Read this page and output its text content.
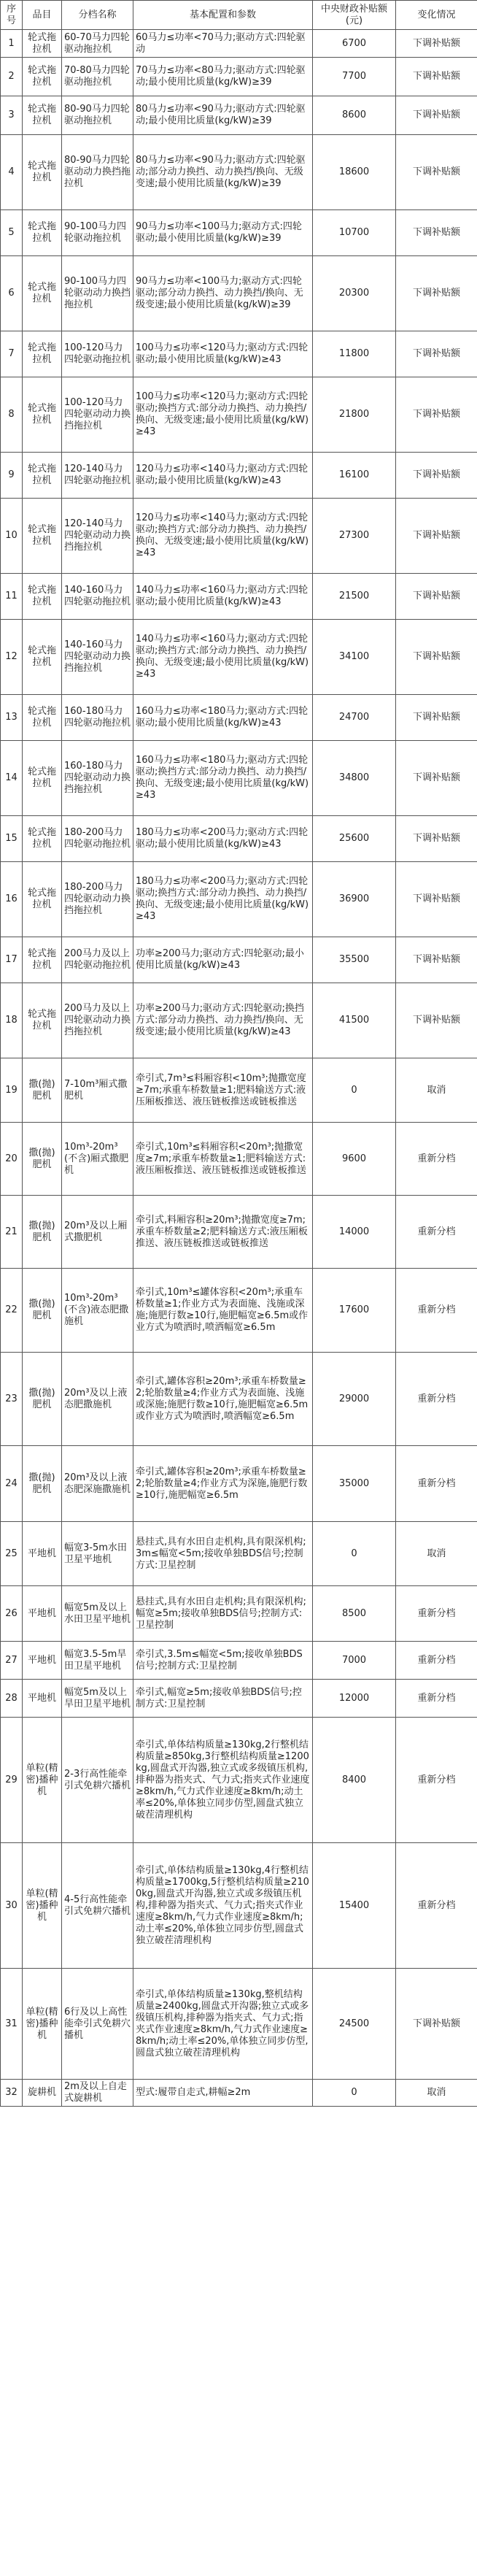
序号	品目	分档名称	基本配置和参数	中央财政补贴额(元)	变化情况
1	轮式拖拉机	60-70马力四轮驱动拖拉机	60马力≤功率<70马力;驱动方式:四轮驱动	6700	下调补贴额
2	轮式拖拉机	70-80马力四轮驱动拖拉机	70马力≤功率<80马力;驱动方式:四轮驱动;最小使用比质量(kg/kW)≥39	7700	下调补贴额
3	轮式拖拉机	80-90马力四轮驱动拖拉机	80马力≤功率<90马力;驱动方式:四轮驱动;最小使用比质量(kg/kW)≥39	8600	下调补贴额
4	轮式拖拉机	80-90马力四轮驱动动力换挡拖拉机	80马力≤功率<90马力;驱动方式:四轮驱动;部分动力换挡、动力换挡/换向、无级变速;最小使用比质量(kg/kW)≥39	18600	下调补贴额
5	轮式拖拉机	90-100马力四轮驱动拖拉机	90马力≤功率<100马力;驱动方式:四轮驱动;最小使用比质量(kg/kW)≥39	10700	下调补贴额
6	轮式拖拉机	90-100马力四轮驱动动力换挡拖拉机	90马力≤功率<100马力;驱动方式:四轮驱动;部分动力换挡、动力换挡/换向、无级变速;最小使用比质量(kg/kW)≥39	20300	下调补贴额
7	轮式拖拉机	100-120马力四轮驱动拖拉机	100马力≤功率<120马力;驱动方式:四轮驱动;最小使用比质量(kg/kW)≥43	11800	下调补贴额
8	轮式拖拉机	100-120马力四轮驱动动力换挡拖拉机	100马力≤功率<120马力;驱动方式:四轮驱动;换挡方式:部分动力换挡、动力换挡/换向、无级变速;最小使用比质量(kg/kW)≥43	21800	下调补贴额
9	轮式拖拉机	120-140马力四轮驱动拖拉机	120马力≤功率<140马力;驱动方式:四轮驱动;最小使用比质量(kg/kW)≥43	16100	下调补贴额
10	轮式拖拉机	120-140马力四轮驱动动力换挡拖拉机	120马力≤功率<140马力;驱动方式:四轮驱动;换挡方式:部分动力换挡、动力换挡/换向、无级变速;最小使用比质量(kg/kW)≥43	27300	下调补贴额
11	轮式拖拉机	140-160马力四轮驱动拖拉机	140马力≤功率<160马力;驱动方式:四轮驱动;最小使用比质量(kg/kW)≥43	21500	下调补贴额
12	轮式拖拉机	140-160马力四轮驱动动力换挡拖拉机	140马力≤功率<160马力;驱动方式:四轮驱动;换挡方式:部分动力换挡、动力换挡/换向、无级变速;最小使用比质量(kg/kW)≥43	34100	下调补贴额
13	轮式拖拉机	160-180马力四轮驱动拖拉机	160马力≤功率<180马力;驱动方式:四轮驱动;最小使用比质量(kg/kW)≥43	24700	下调补贴额
14	轮式拖拉机	160-180马力四轮驱动动力换挡拖拉机	160马力≤功率<180马力;驱动方式:四轮驱动;换挡方式:部分动力换挡、动力换挡/换向、无级变速;最小使用比质量(kg/kW)≥43	34800	下调补贴额
15	轮式拖拉机	180-200马力四轮驱动拖拉机	180马力≤功率<200马力;驱动方式:四轮驱动;最小使用比质量(kg/kW)≥43	25600	下调补贴额
16	轮式拖拉机	180-200马力四轮驱动动力换挡拖拉机	180马力≤功率<200马力;驱动方式:四轮驱动;换挡方式:部分动力换挡、动力换挡/换向、无级变速;最小使用比质量(kg/kW)≥43	36900	下调补贴额
17	轮式拖拉机	200马力及以上四轮驱动拖拉机	功率≥200马力;驱动方式:四轮驱动;最小使用比质量(kg/kW)≥43	35500	下调补贴额
18	轮式拖拉机	200马力及以上四轮驱动动力换挡拖拉机	功率≥200马力;驱动方式:四轮驱动;换挡方式:部分动力换挡、动力换挡/换向、无级变速;最小使用比质量(kg/kW)≥43	41500	下调补贴额
19	撒(抛)肥机	7-10m³厢式撒肥机	牵引式,7m³≤料厢容积<10m³;抛撒宽度≥7m;承重车桥数量≥1;肥料输送方式:液压厢板推送、液压链板推送或链板推送	0	取消
20	撒(抛)肥机	10m³-20m³(不含)厢式撒肥机	牵引式,10m³≤料厢容积<20m³;抛撒宽度≥7m;承重车桥数量≥1;肥料输送方式:液压厢板推送、液压链板推送或链板推送	9600	重新分档
21	撒(抛)肥机	20m³及以上厢式撒肥机	牵引式,料厢容积≥20m³;抛撒宽度≥7m;承重车桥数量≥2;肥料输送方式:液压厢板推送、液压链板推送或链板推送	14000	重新分档
22	撒(抛)肥机	10m³-20m³(不含)液态肥撒施机	牵引式,10m³≤罐体容积<20m³;承重车桥数量≥1;作业方式为表面施、浅施或深施;施肥行数≥10行,施肥幅宽≥6.5m或作业方式为喷洒时,喷洒幅宽≥6.5m	17600	重新分档
23	撒(抛)肥机	20m³及以上液态肥撒施机	牵引式,罐体容积≥20m³;承重车桥数量≥2;轮胎数量≥4;作业方式为表面施、浅施或深施;施肥行数≥10行,施肥幅宽≥6.5m或作业方式为喷洒时,喷洒幅宽≥6.5m	29000	重新分档
24	撒(抛)肥机	20m³及以上液态肥深施撒施机	牵引式,罐体容积≥20m³;承重车桥数量≥2;轮胎数量≥4;作业方式为深施,施肥行数≥10行,施肥幅宽≥6.5m	35000	重新分档
25	平地机	幅宽3-5m水田卫星平地机	悬挂式,具有水田自走机构,具有限深机构;3m≤幅宽<5m;接收单独BDS信号;控制方式:卫星控制	0	取消
26	平地机	幅宽5m及以上水田卫星平地机	悬挂式,具有水田自走机构;具有限深机构;幅宽≥5m;接收单独BDS信号;控制方式:卫星控制	8500	重新分档
27	平地机	幅宽3.5-5m旱田卫星平地机	牵引式,3.5m≤幅宽<5m;接收单独BDS信号;控制方式:卫星控制	7000	重新分档
28	平地机	幅宽5m及以上旱田卫星平地机	牵引式,幅宽≥5m;接收单独BDS信号;控制方式:卫星控制	12000	重新分档
29	单粒(精密)播种机	2-3行高性能牵引式免耕穴播机	牵引式,单体结构质量≥130kg,2行整机结构质量≥850kg,3行整机结构质量≥1200kg,圆盘式开沟器,独立式或多级镇压机构,排种器为指夹式、气力式;指夹式作业速度≥8km/h,气力式作业速度≥8km/h;动土率≤20%,单体独立同步仿型,圆盘式独立破茬清理机构	8400	重新分档
30	单粒(精密)播种机	4-5行高性能牵引式免耕穴播机	牵引式,单体结构质量≥130kg,4行整机结构质量≥1700kg,5行整机结构质量≥2100kg,圆盘式开沟器,独立式或多级镇压机构,排种器为指夹式、气力式;指夹式作业速度≥8km/h,气力式作业速度≥8km/h;动土率≤20%,单体独立同步仿型,圆盘式独立破茬清理机构	15400	重新分档
31	单粒(精密)播种机	6行及以上高性能牵引式免耕穴播机	牵引式,单体结构质量≥130kg,整机结构质量≥2400kg,圆盘式开沟器;独立式或多级镇压机构,排种器为指夹式、气力式;指夹式作业速度≥8km/h,气力式作业速度≥8km/h;动土率≤20%,单体独立同步仿型,圆盘式独立破茬清理机构	24500	下调补贴额
32	旋耕机	2m及以上自走式旋耕机	型式:履带自走式,耕幅≥2m	0	取消
